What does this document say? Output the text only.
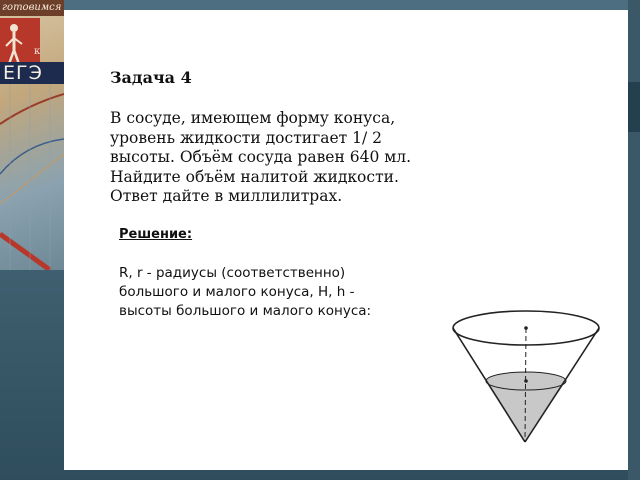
готовимся
к
ЕГЭ	Задача 4
В сосуде, имеющем форму конуса,
уровень жидкости достигает 1/ 2
высоты. Объём сосуда равен 640 мл.
Найдите объём налитой жидкости.
Ответ дайте в миллилитрах.
Решение:
R, r - радиусы (соответственно)
большого и малого конуса, H, h -
высоты большого и малого конуса:
